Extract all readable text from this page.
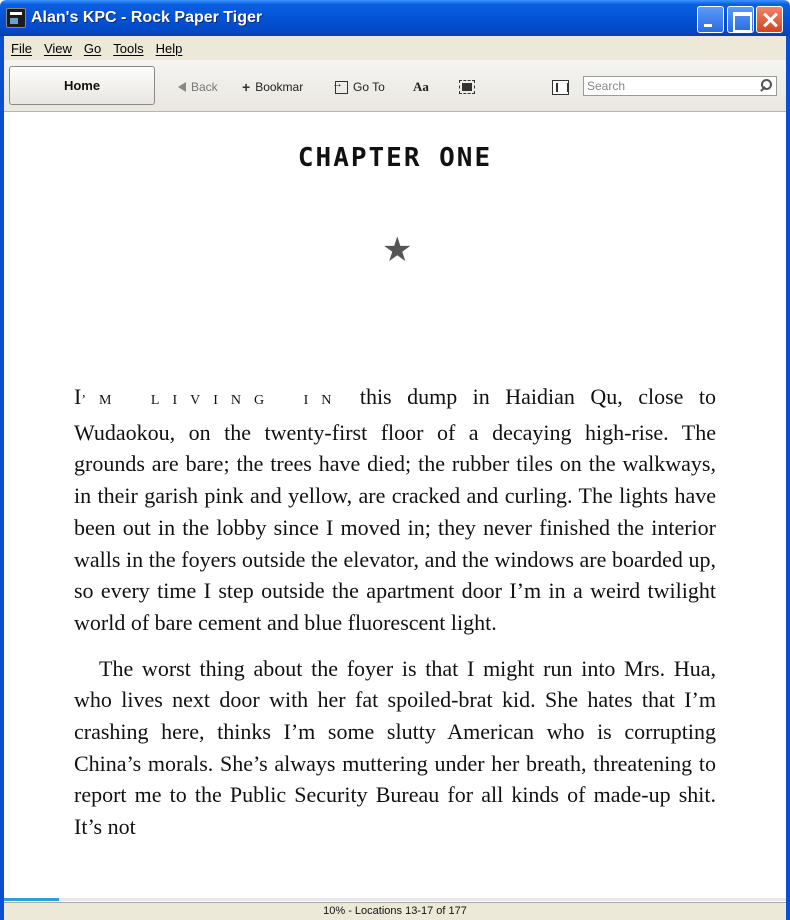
Alan's KPC - Rock Paper Tiger
File View Go Tools Help
Home	Back + Bookmar
→	Go To Aa	Search
CHAPTER ONE
★

I’M LIVING IN this dump in Haidian Qu, close to Wudaokou, on the twenty-first floor of a decaying high-rise. The grounds are bare; the trees have died; the rubber tiles on the walkways, in their garish pink and yellow, are cracked and curling. The lights have been out in the lobby since I moved in; they never finished the interior walls in the foyers outside the elevator, and the windows are boarded up, so every time I step outside the apartment door I’m in a weird twilight world of bare cement and blue fluorescent light.

The worst thing about the foyer is that I might run into Mrs. Hua, who lives next door with her fat spoiled-brat kid. She hates that I’m crashing here, thinks I’m some slutty American who is corrupting China’s morals. She’s always muttering under her breath, threatening to report me to the Public Security Bureau for all kinds of made-up shit. It’s not

10% - Locations 13-17 of 177
